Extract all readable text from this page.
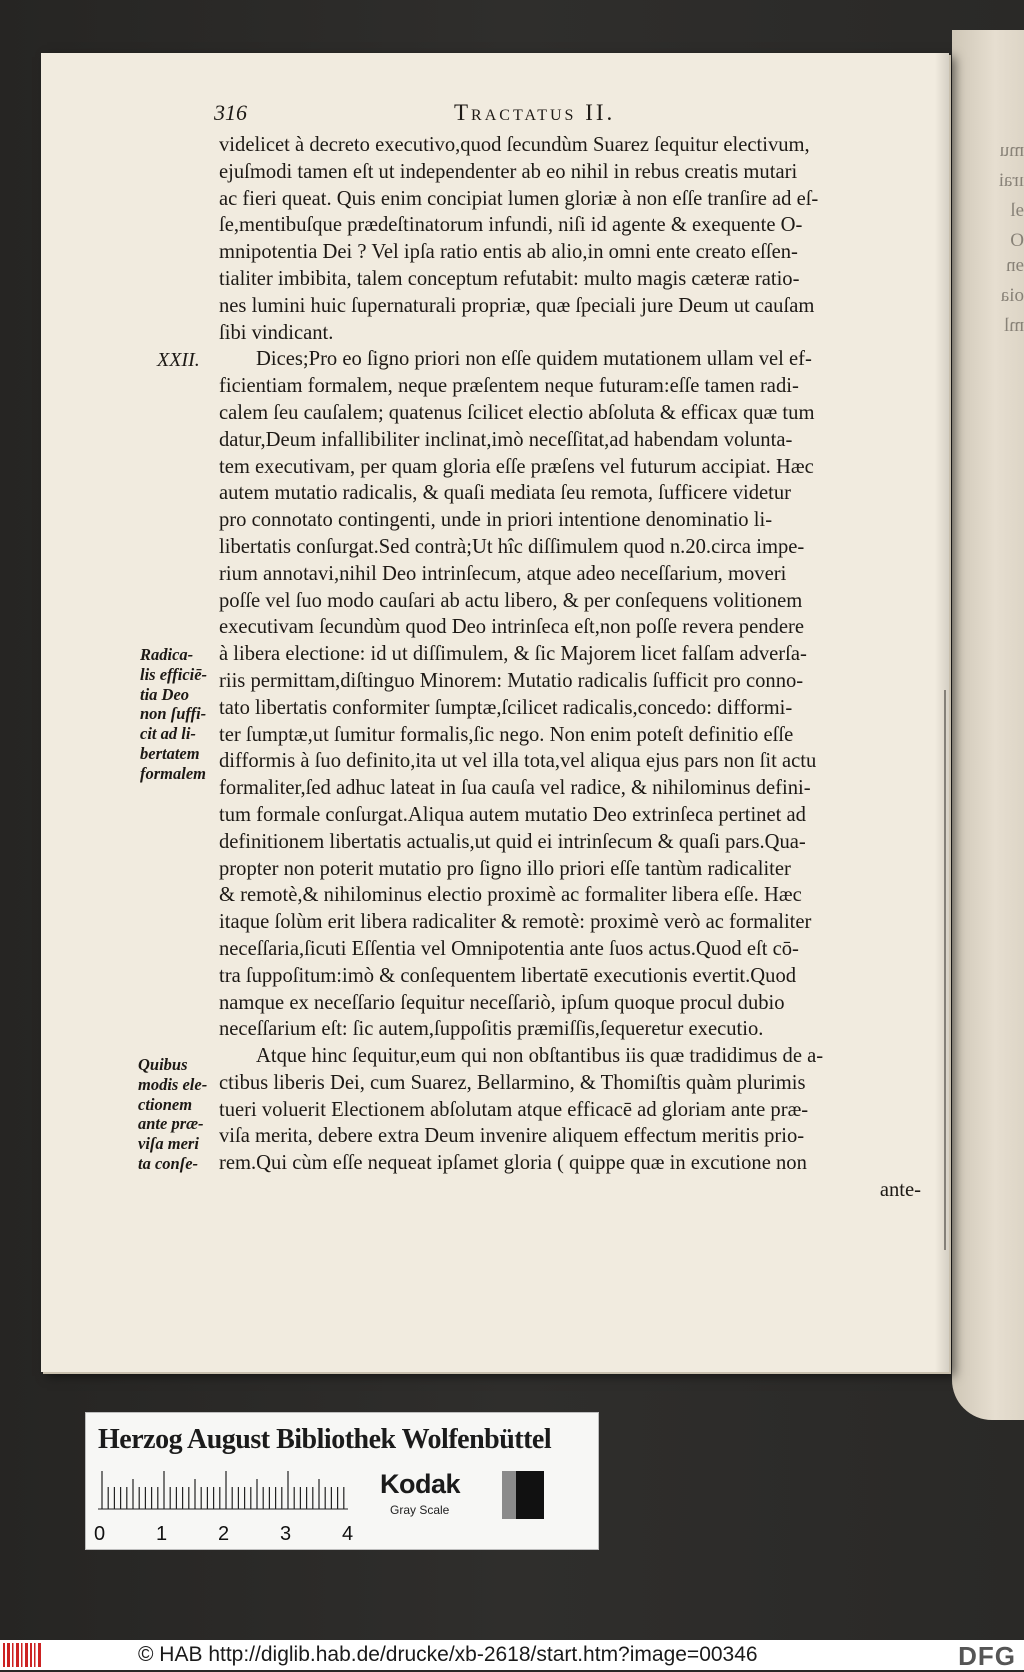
mu
ırai
ɘl
O
ɘn
oia
ml
316	Tractatus II.
XXII.
videlicet à decreto executivo,quod ſecundùm Suarez ſequitur electivum,
ejuſmodi tamen eſt ut independenter ab eo nihil in rebus creatis mutari
ac fieri queat. Quis enim concipiat lumen gloriæ à non eſſe tranſire ad eſ-
ſe,mentibuſque prædeſtinatorum infundi, niſi id agente & exequente O-
mnipotentia Dei ? Vel ipſa ratio entis ab alio,in omni ente creato eſſen-
tialiter imbibita, talem conceptum refutabit: multo magis cæteræ ratio-
nes lumini huic ſupernaturali propriæ, quæ ſpeciali jure Deum ut cauſam
ſibi vindicant.
Dices;Pro eo ſigno priori non eſſe quidem mutationem ullam vel ef-
ficientiam formalem, neque præſentem neque futuram:eſſe tamen radi-
calem ſeu cauſalem; quatenus ſcilicet electio abſoluta & efficax quæ tum
datur,Deum infallibiliter inclinat,imò neceſſitat,ad habendam volunta-
tem executivam, per quam gloria eſſe præſens vel futurum accipiat. Hæc
autem mutatio radicalis, & quaſi mediata ſeu remota, ſufficere videtur
pro connotato contingenti, unde in priori intentione denominatio li-
libertatis conſurgat.Sed contrà;Ut hîc diſſimulem quod n.20.circa impe-
rium annotavi,nihil Deo intrinſecum, atque adeo neceſſarium, moveri
poſſe vel ſuo modo cauſari ab actu libero, & per conſequens volitionem
executivam ſecundùm quod Deo intrinſeca eſt,non poſſe revera pendere
à libera electione: id ut diſſimulem, & ſic Majorem licet falſam adverſa-
riis permittam,diſtinguo Minorem: Mutatio radicalis ſufficit pro conno-
tato libertatis conformiter ſumptæ,ſcilicet radicalis,concedo: difformi-
ter ſumptæ,ut ſumitur formalis,ſic nego. Non enim poteſt definitio eſſe
difformis à ſuo definito,ita ut vel illa tota,vel aliqua ejus pars non ſit actu
formaliter,ſed adhuc lateat in ſua cauſa vel radice, & nihilominus defini-
tum formale conſurgat.Aliqua autem mutatio Deo extrinſeca pertinet ad
definitionem libertatis actualis,ut quid ei intrinſecum & quaſi pars.Qua-
propter non poterit mutatio pro ſigno illo priori eſſe tantùm radicaliter
& remotè,& nihilominus electio proximè ac formaliter libera eſſe. Hæc
itaque ſolùm erit libera radicaliter & remotè: proximè verò ac formaliter
neceſſaria,ſicuti Eſſentia vel Omnipotentia ante ſuos actus.Quod eſt cō-
tra ſuppoſitum:imò & conſequentem libertatē executionis evertit.Quod
namque ex neceſſario ſequitur neceſſariò, ipſum quoque procul dubio
neceſſarium eſt: ſic autem,ſuppoſitis præmiſſis,ſequeretur executio.
Atque hinc ſequitur,eum qui non obſtantibus iis quæ tradidimus de a-
ctibus liberis Dei, cum Suarez, Bellarmino, & Thomiſtis quàm plurimis
tueri voluerit Electionem abſolutam atque efficacē ad gloriam ante præ-
viſa merita, debere extra Deum invenire aliquem effectum meritis prio-
rem.Qui cùm eſſe nequeat ipſamet gloria ( quippe quæ in excutione non
ante-
Radica-
lis efficiē-
tia Deo
non ſuffi-
cit ad li-
bertatem
formalem
Quibus
modis ele-
ctionem
ante præ-
viſa meri
ta conſe-
Herzog August Bibliothek Wolfenbüttel
Kodak
Gray Scale
0	1	2	3	4
© HAB http://diglib.hab.de/drucke/xb-2618/start.htm?image=00346	DFG
